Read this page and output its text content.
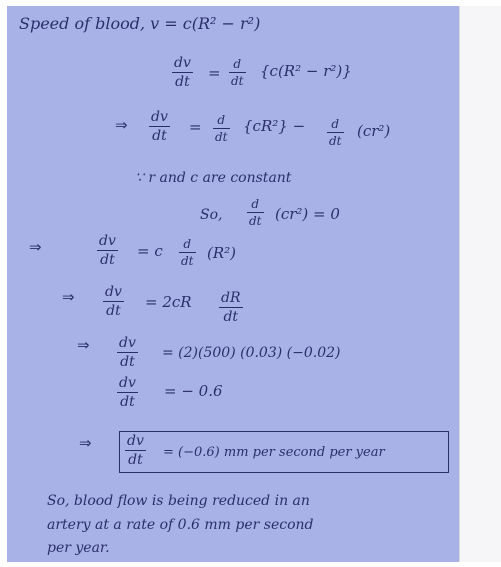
Speed of blood, v = c(R² − r²)
dv
dt
= d
dt
{c(R² − r²)}
⇒ dv
dt
= d
dt
{cR²} − d
dt
(cr²)
∵ r and c are constant
So,
d
dt (cr²) = 0
⇒	dv
dt
= c d
dt (R²)
⇒ dv
dt
= 2cR dR
dt
⇒ dv
dt
= (2)(500) (0.03) (−0.02)
dv
dt
= − 0.6
⇒	dv
dt = (−0.6) mm per second per year
So, blood flow is being reduced in an
artery at a rate of 0.6 mm per second
per year.
